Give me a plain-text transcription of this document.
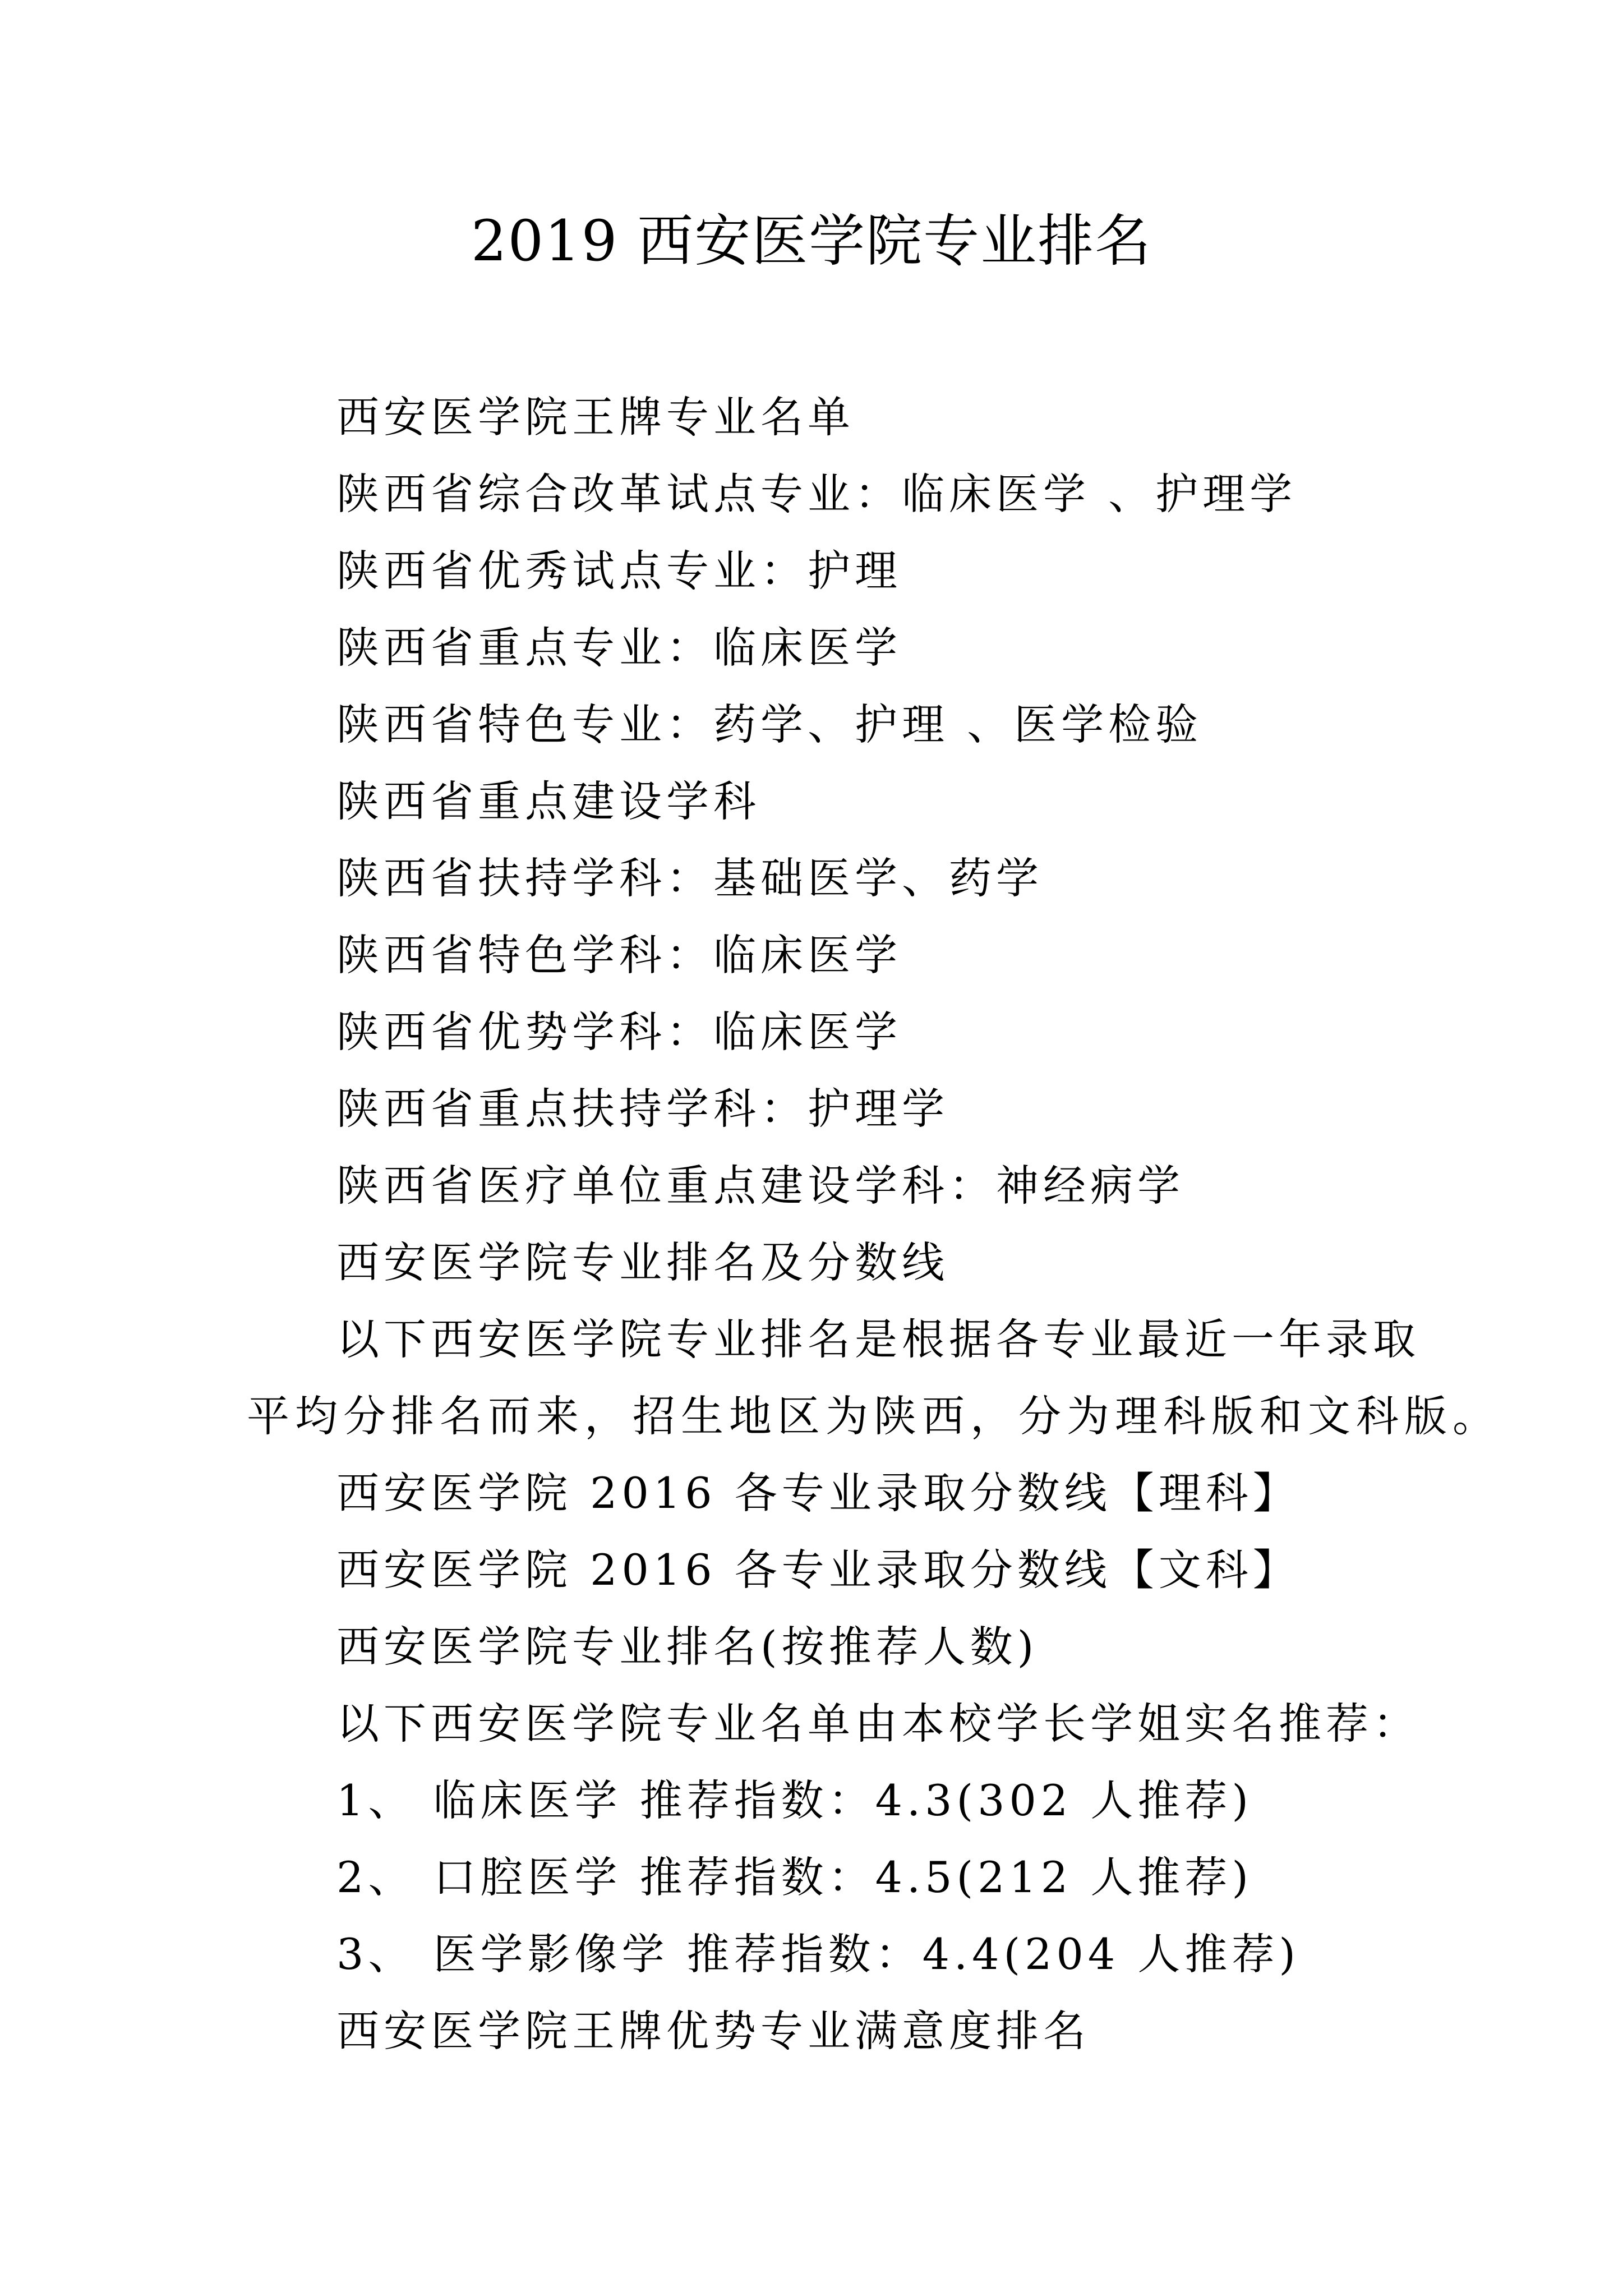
2019 西安医学院专业排名
西安医学院王牌专业名单
陕西省综合改革试点专业：临床医学 、护理学
陕西省优秀试点专业：护理
陕西省重点专业：临床医学
陕西省特色专业：药学、护理 、医学检验
陕西省重点建设学科
陕西省扶持学科：基础医学、药学
陕西省特色学科：临床医学
陕西省优势学科：临床医学
陕西省重点扶持学科：护理学
陕西省医疗单位重点建设学科：神经病学
西安医学院专业排名及分数线
以下西安医学院专业排名是根据各专业最近一年录取
平均分排名而来，招生地区为陕西，分为理科版和文科版。
西安医学院 2016 各专业录取分数线【理科】
西安医学院 2016 各专业录取分数线【文科】
西安医学院专业排名(按推荐人数)
以下西安医学院专业名单由本校学长学姐实名推荐：
1、 临床医学 推荐指数：4.3(302 人推荐)
2、 口腔医学 推荐指数：4.5(212 人推荐)
3、 医学影像学 推荐指数：4.4(204 人推荐)
西安医学院王牌优势专业满意度排名
